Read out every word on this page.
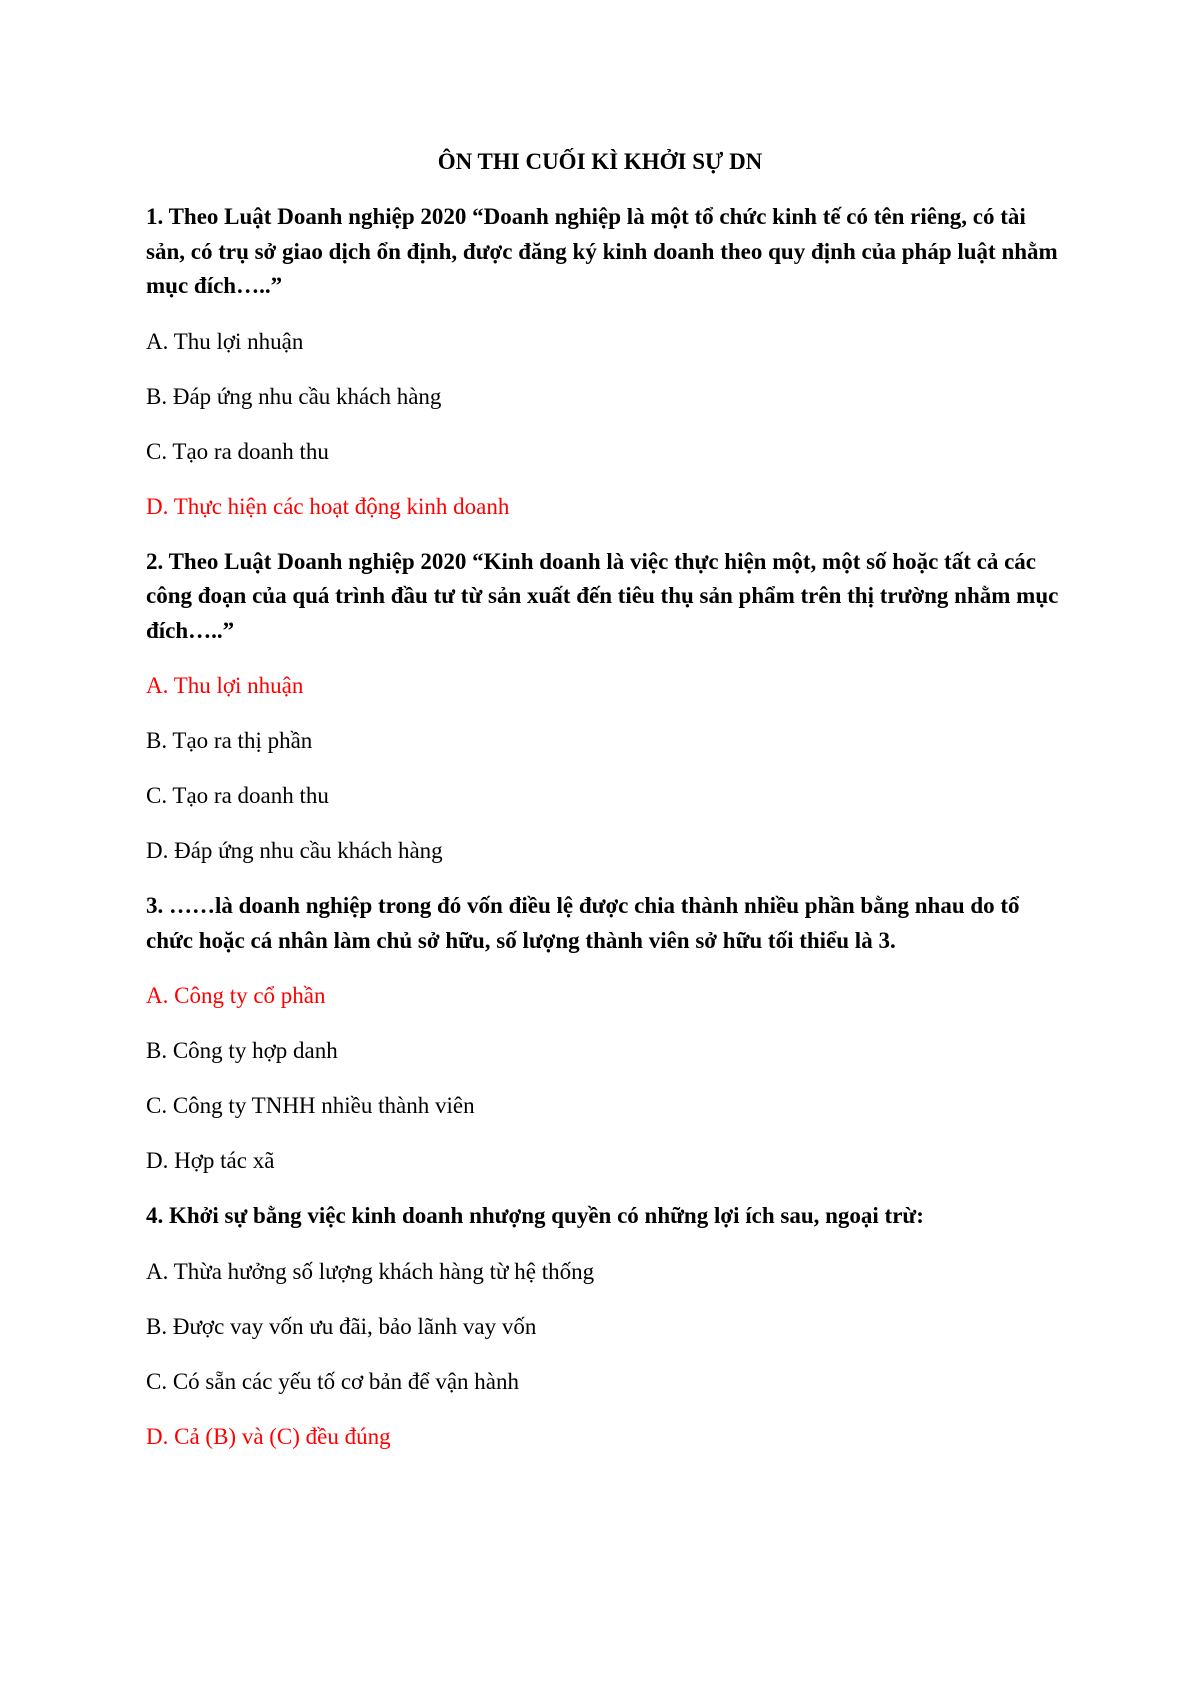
ÔN THI CUỐI KÌ KHỞI SỰ DN

1. Theo Luật Doanh nghiệp 2020 “Doanh nghiệp là một tổ chức kinh tế có tên riêng, có tài sản, có trụ sở giao dịch ổn định, được đăng ký kinh doanh theo quy định của pháp luật nhằm mục đích…..”

A. Thu lợi nhuận

B. Đáp ứng nhu cầu khách hàng

C. Tạo ra doanh thu

D. Thực hiện các hoạt động kinh doanh

2. Theo Luật Doanh nghiệp 2020 “Kinh doanh là việc thực hiện một, một số hoặc tất cả các công đoạn của quá trình đầu tư từ sản xuất đến tiêu thụ sản phẩm trên thị trường nhằm mục đích…..”

A. Thu lợi nhuận

B. Tạo ra thị phần

C. Tạo ra doanh thu

D. Đáp ứng nhu cầu khách hàng

3. ……là doanh nghiệp trong đó vốn điều lệ được chia thành nhiều phần bằng nhau do tổ chức hoặc cá nhân làm chủ sở hữu, số lượng thành viên sở hữu tối thiểu là 3.

A. Công ty cổ phần

B. Công ty hợp danh

C. Công ty TNHH nhiều thành viên

D. Hợp tác xã

4. Khởi sự bằng việc kinh doanh nhượng quyền có những lợi ích sau, ngoại trừ:

A. Thừa hưởng số lượng khách hàng từ hệ thống

B. Được vay vốn ưu đãi, bảo lãnh vay vốn

C. Có sẵn các yếu tố cơ bản để vận hành

D. Cả (B) và (C) đều đúng
